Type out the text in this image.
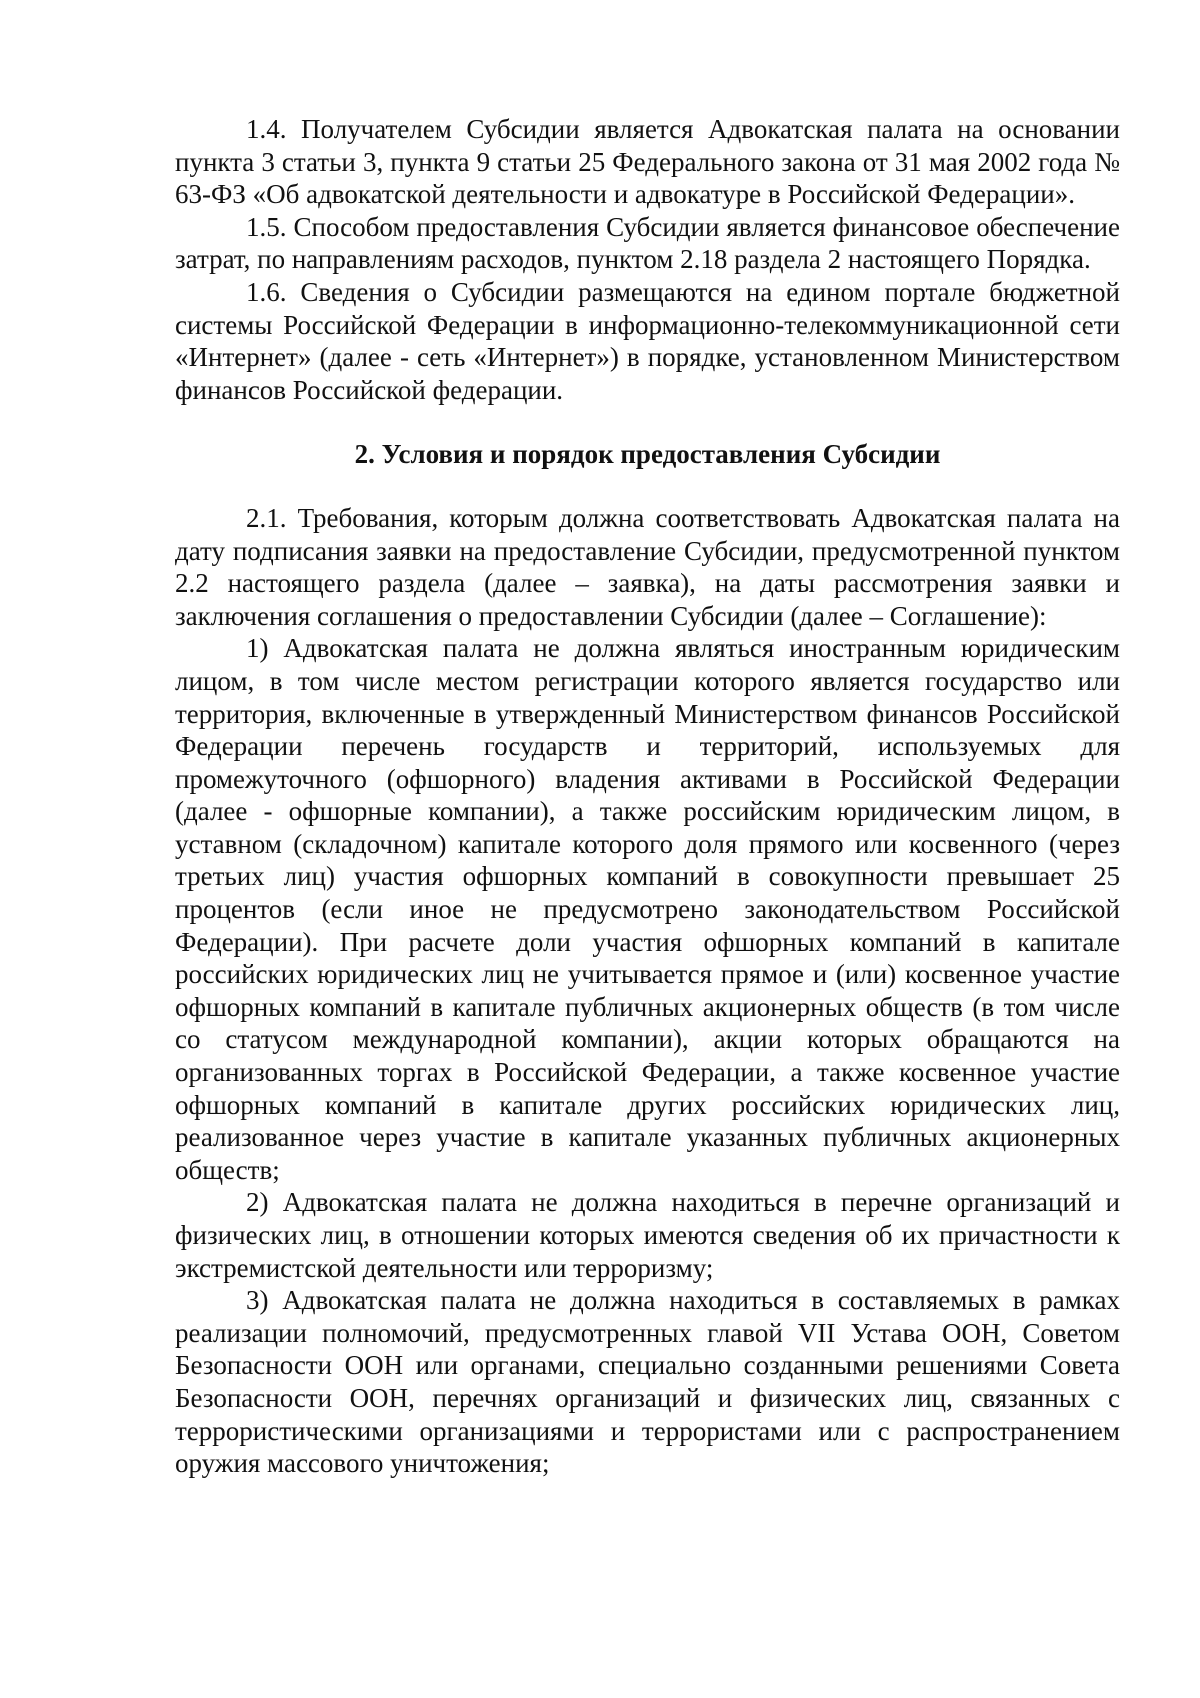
1.4. Получателем Субсидии является Адвокатская палата на основании пункта 3 статьи 3, пункта 9 статьи 25 Федерального закона от 31 мая 2002 года № 63-ФЗ «Об адвокатской деятельности и адвокатуре в Российской Федерации».

1.5. Способом предоставления Субсидии является финансовое обеспечение затрат, по направлениям расходов, пунктом 2.18 раздела 2 настоящего Порядка.

1.6. Сведения о Субсидии размещаются на едином портале бюджетной системы Российской Федерации в информационно-телекоммуникационной сети «Интернет» (далее - сеть «Интернет») в порядке, установленном Министерством финансов Российской федерации.

2. Условия и порядок предоставления Субсидии

2.1. Требования, которым должна соответствовать Адвокатская палата на дату подписания заявки на предоставление Субсидии, предусмотренной пунктом 2.2 настоящего раздела (далее – заявка), на даты рассмотрения заявки и заключения соглашения о предоставлении Субсидии (далее – Соглашение):

1) Адвокатская палата не должна являться иностранным юридическим лицом, в том числе местом регистрации которого является государство или территория, включенные в утвержденный Министерством финансов Российской Федерации перечень государств и территорий, используемых для промежуточного (офшорного) владения активами в Российской Федерации (далее - офшорные компании), а также российским юридическим лицом, в уставном (складочном) капитале которого доля прямого или косвенного (через третьих лиц) участия офшорных компаний в совокупности превышает 25 процентов (если иное не предусмотрено законодательством Российской Федерации). При расчете доли участия офшорных компаний в капитале российских юридических лиц не учитывается прямое и (или) косвенное участие офшорных компаний в капитале публичных акционерных обществ (в том числе со статусом международной компании), акции которых обращаются на организованных торгах в Российской Федерации, а также косвенное участие офшорных компаний в капитале других российских юридических лиц, реализованное через участие в капитале указанных публичных акционерных обществ;

2) Адвокатская палата не должна находиться в перечне организаций и физических лиц, в отношении которых имеются сведения об их причастности к экстремистской деятельности или терроризму;

3) Адвокатская палата не должна находиться в составляемых в рамках реализации полномочий, предусмотренных главой VII Устава ООН, Советом Безопасности ООН или органами, специально созданными решениями Совета Безопасности ООН, перечнях организаций и физических лиц, связанных с террористическими организациями и террористами или с распространением оружия массового уничтожения;
